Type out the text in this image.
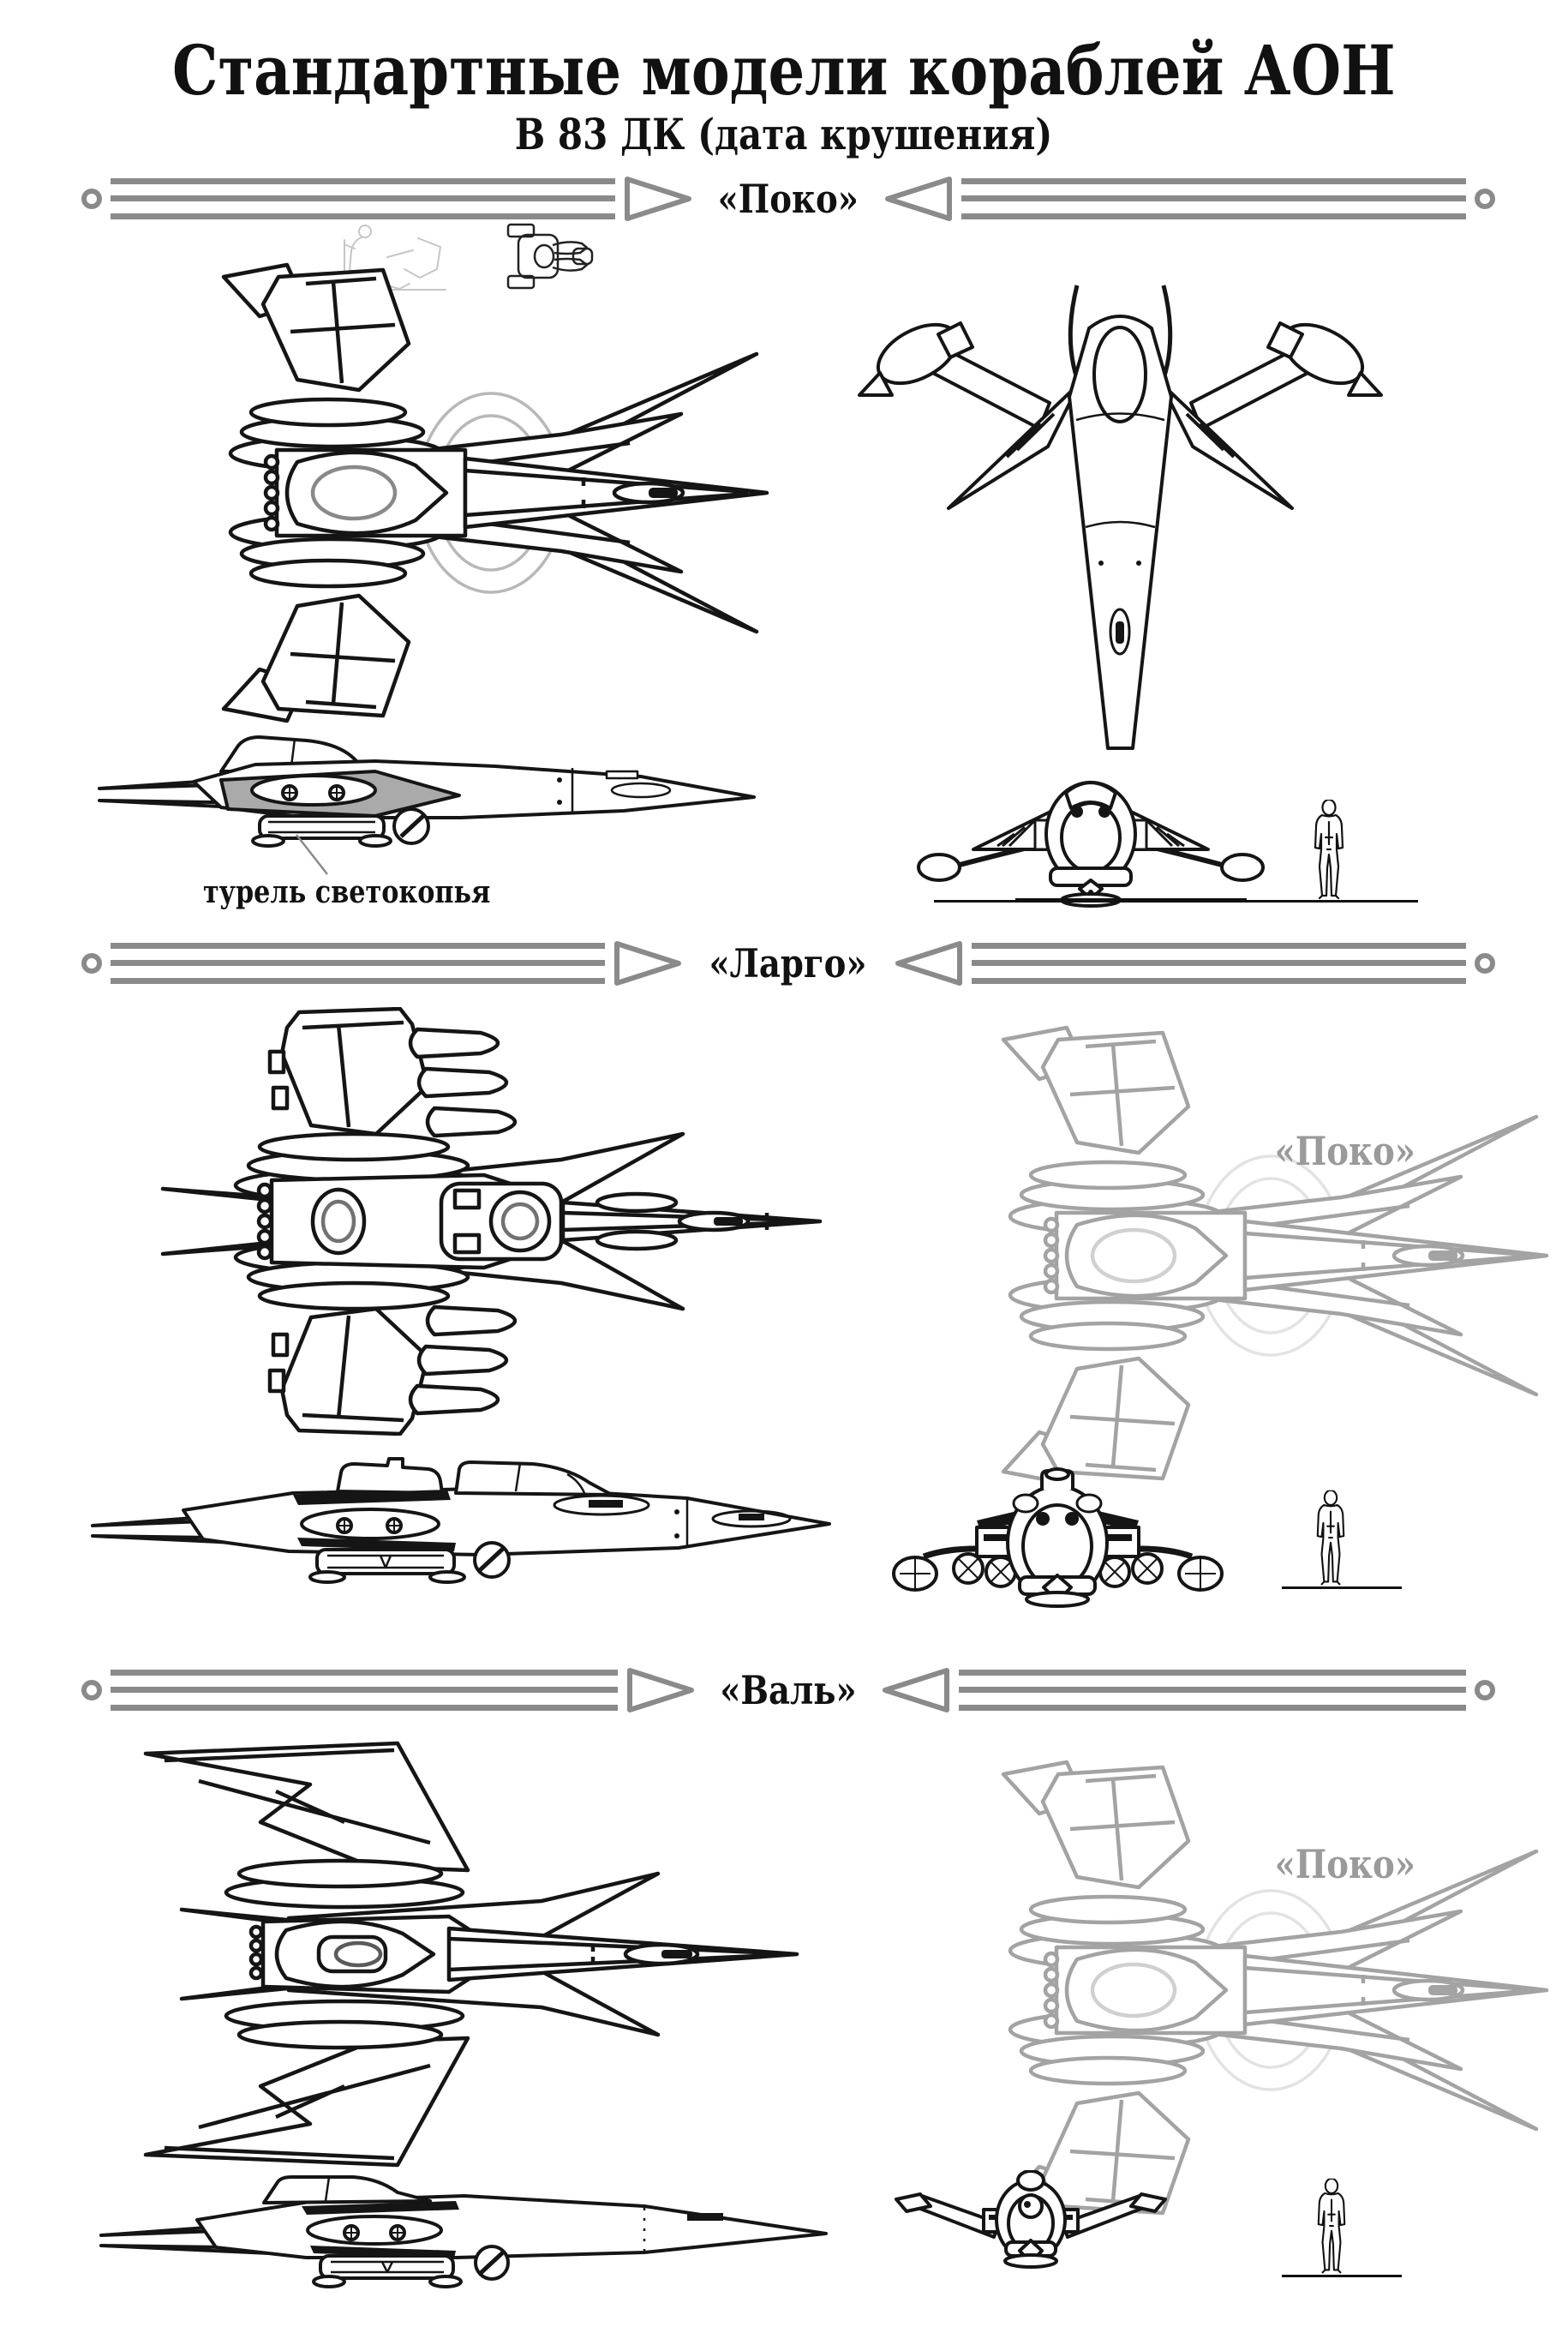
Стандартные модели кораблей АОН
В 83 ДК (дата крушения)
«Поко»
турель светокопья
«Ларго»
«Поко»
«Валь»
«Поко»
